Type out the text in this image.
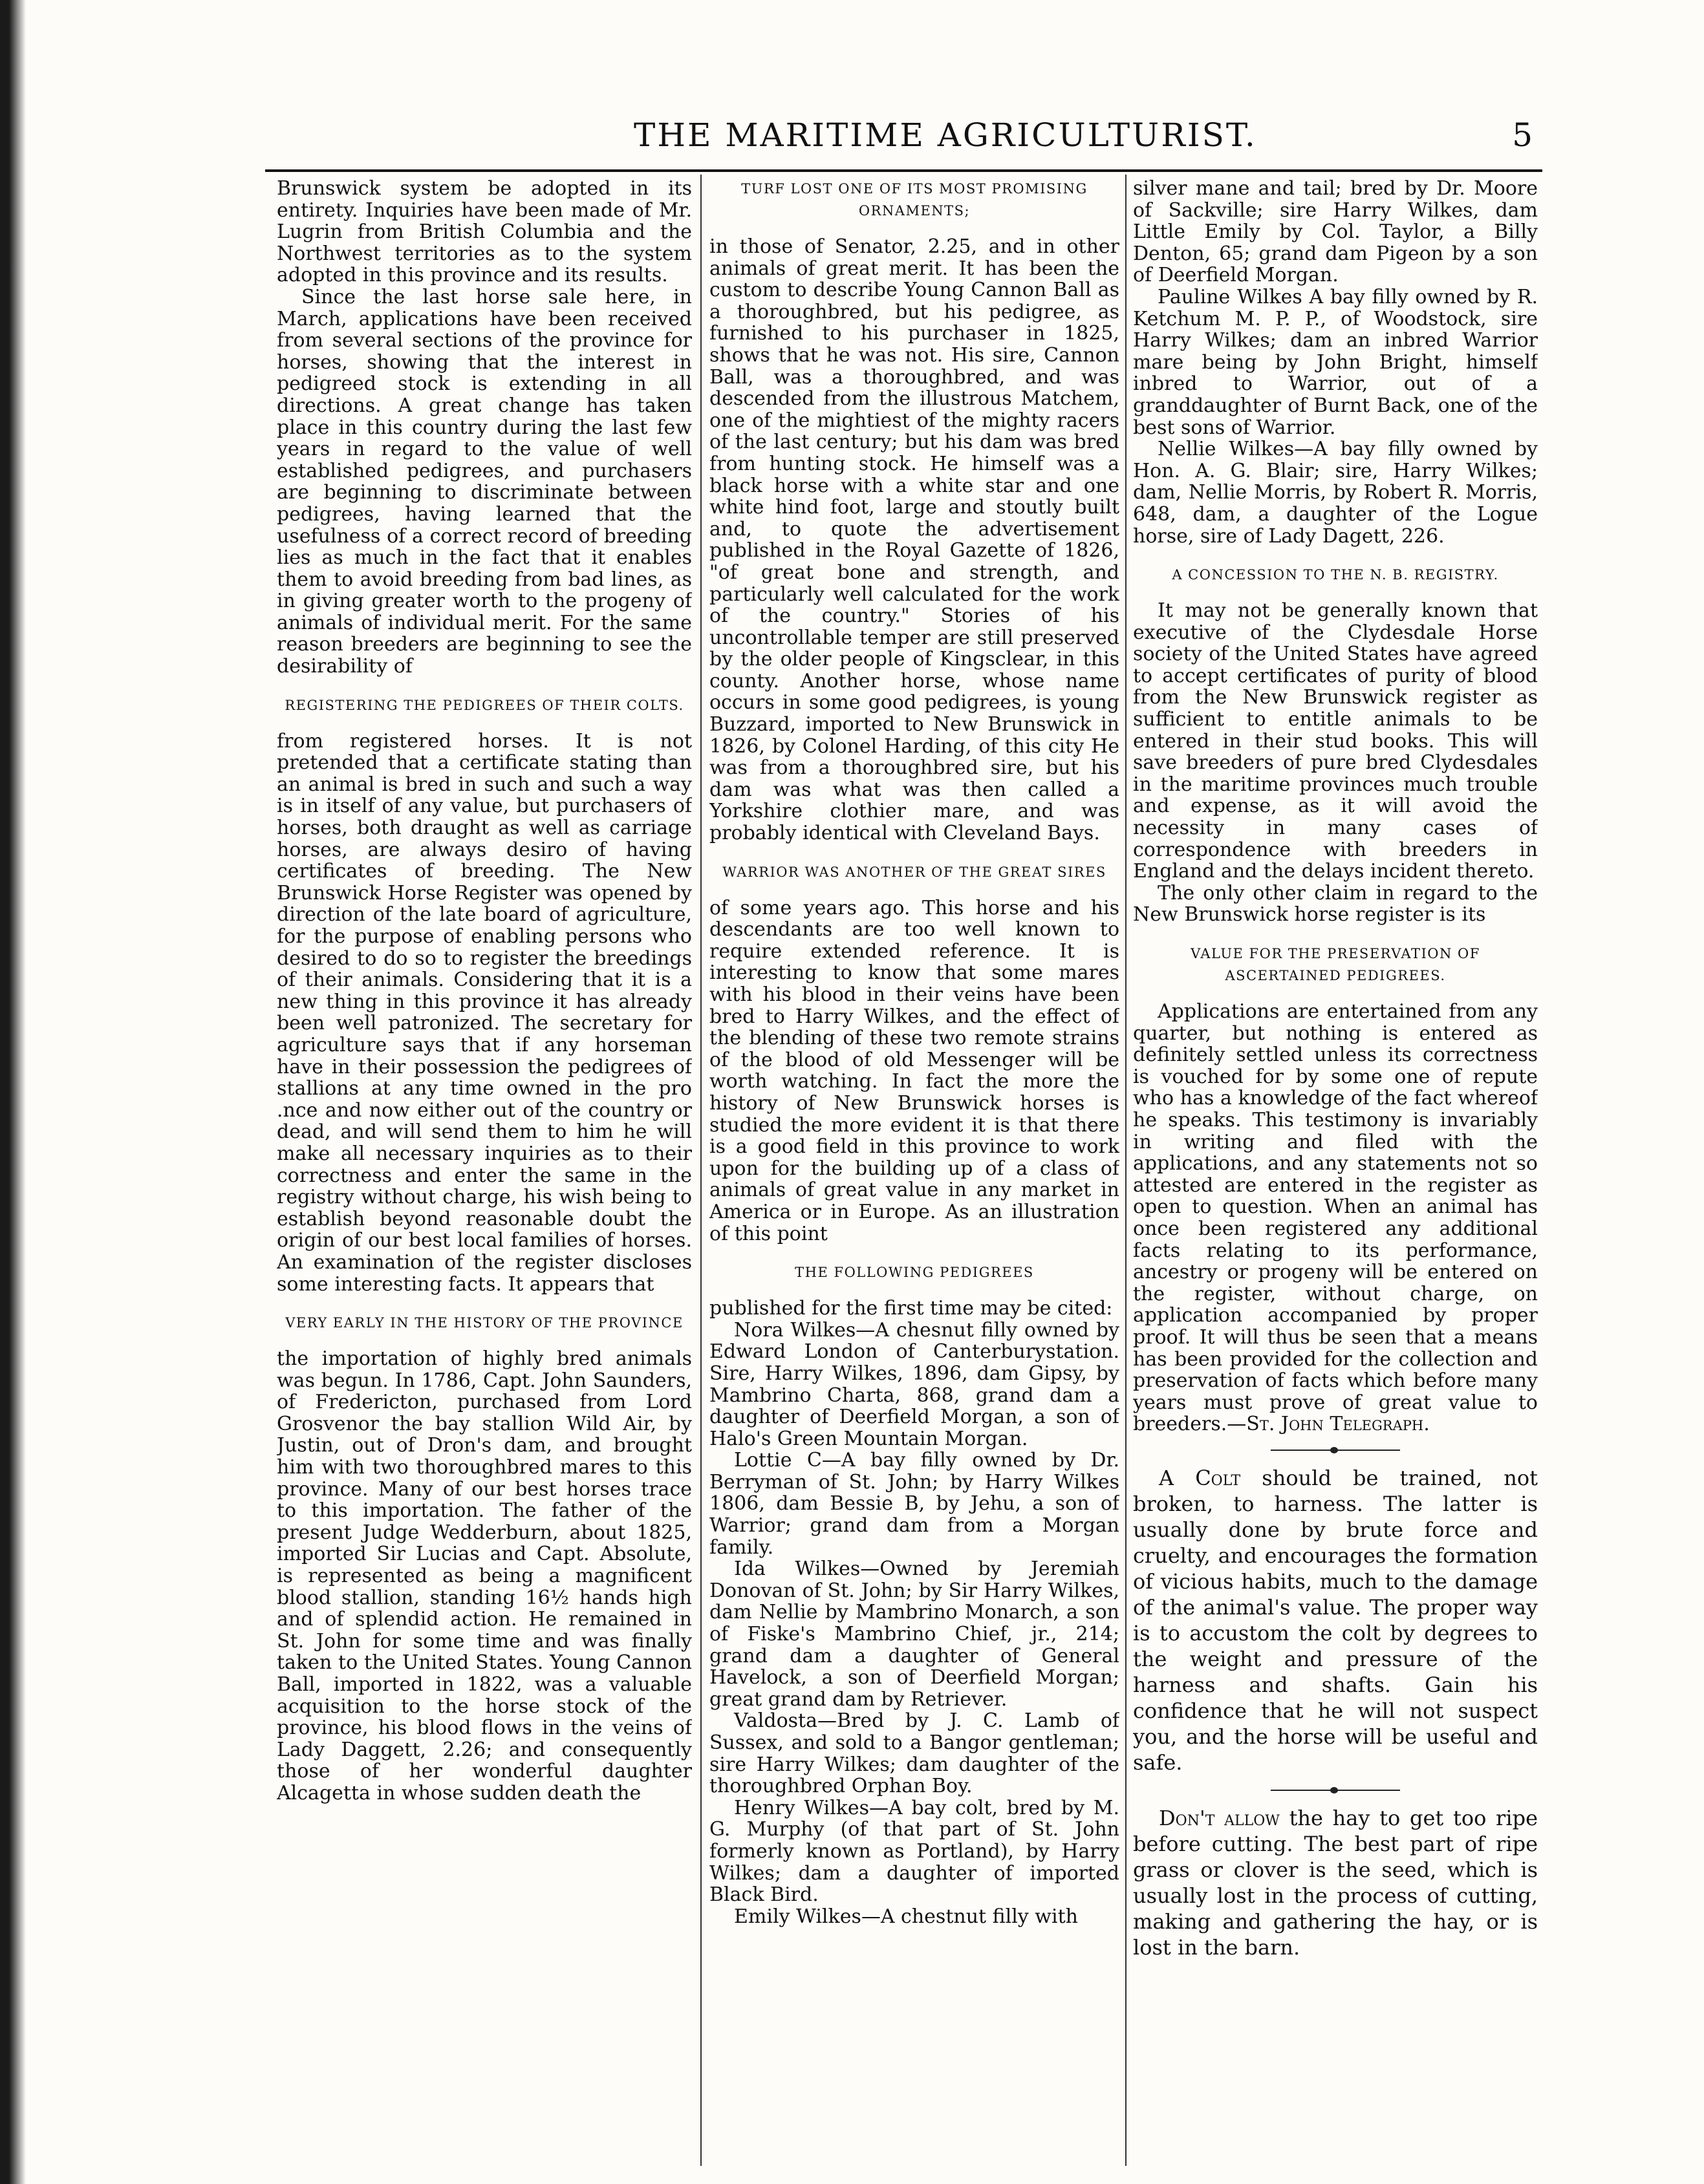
THE MARITIME AGRICULTURIST.	5

Brunswick system be adopted in its entirety. Inquiries have been made of Mr. Lugrin from British Columbia and the Northwest territories as to the system adopted in this province and its results.

Since the last horse sale here, in March, applications have been received from several sections of the province for horses, showing that the interest in pedigreed stock is extending in all directions. A great change has taken place in this country during the last few years in regard to the value of well established pedigrees, and purchasers are beginning to discriminate between pedigrees, having learned that the usefulness of a correct record of breeding lies as much in the fact that it enables them to avoid breeding from bad lines, as in giving greater worth to the progeny of animals of individual merit. For the same reason breeders are beginning to see the desirability of

REGISTERING THE PEDIGREES OF THEIR COLTS.

from registered horses. It is not pretended that a certificate stating than an animal is bred in such and such a way is in itself of any value, but purchasers of horses, both draught as well as carriage horses, are always desiro of having certificates of breeding. The New Brunswick Horse Register was opened by direction of the late board of agriculture, for the purpose of enabling persons who desired to do so to register the breedings of their animals. Considering that it is a new thing in this province it has already been well patronized. The secretary for agriculture says that if any horseman have in their possession the pedigrees of stallions at any time owned in the pro .nce and now either out of the country or dead, and will send them to him he will make all necessary inquiries as to their correctness and enter the same in the registry without charge, his wish being to establish beyond reasonable doubt the origin of our best local families of horses. An examination of the register discloses some interesting facts. It appears that

VERY EARLY IN THE HISTORY OF THE PROVINCE

the importation of highly bred animals was begun. In 1786, Capt. John Saunders, of Fredericton, purchased from Lord Grosvenor the bay stallion Wild Air, by Justin, out of Dron's dam, and brought him with two thoroughbred mares to this province. Many of our best horses trace to this importation. The father of the present Judge Wedderburn, about 1825, imported Sir Lucias and Capt. Absolute, is represented as being a magnificent blood stallion, standing 16½ hands high and of splendid action. He remained in St. John for some time and was finally taken to the United States. Young Cannon Ball, imported in 1822, was a valuable acquisition to the horse stock of the province, his blood flows in the veins of Lady Daggett, 2.26; and consequently those of her wonderful daughter Alcagetta in whose sudden death the

TURF LOST ONE OF ITS MOST PROMISING ORNAMENTS;

in those of Senator, 2.25, and in other animals of great merit. It has been the custom to describe Young Cannon Ball as a thoroughbred, but his pedigree, as furnished to his purchaser in 1825, shows that he was not. His sire, Cannon Ball, was a thoroughbred, and was descended from the illustrous Matchem, one of the mightiest of the mighty racers of the last century; but his dam was bred from hunting stock. He himself was a black horse with a white star and one white hind foot, large and stoutly built and, to quote the advertisement published in the Royal Gazette of 1826, "of great bone and strength, and particularly well calculated for the work of the country." Stories of his uncontrollable temper are still preserved by the older people of Kingsclear, in this county. Another horse, whose name occurs in some good pedigrees, is young Buzzard, imported to New Brunswick in 1826, by Colonel Harding, of this city He was from a thoroughbred sire, but his dam was what was then called a Yorkshire clothier mare, and was probably identical with Cleveland Bays.

WARRIOR WAS ANOTHER OF THE GREAT SIRES

of some years ago. This horse and his descendants are too well known to require extended reference. It is interesting to know that some mares with his blood in their veins have been bred to Harry Wilkes, and the effect of the blending of these two remote strains of the blood of old Messenger will be worth watching. In fact the more the history of New Brunswick horses is studied the more evident it is that there is a good field in this province to work upon for the building up of a class of animals of great value in any market in America or in Europe. As an illustration of this point

THE FOLLOWING PEDIGREES

published for the first time may be cited:

Nora Wilkes—A chesnut filly owned by Edward London of Canterburystation. Sire, Harry Wilkes, 1896, dam Gipsy, by Mambrino Charta, 868, grand dam a daughter of Deerfield Morgan, a son of Halo's Green Mountain Morgan.

Lottie C—A bay filly owned by Dr. Berryman of St. John; by Harry Wilkes 1806, dam Bessie B, by Jehu, a son of Warrior; grand dam from a Morgan family.

Ida Wilkes—Owned by Jeremiah Donovan of St. John; by Sir Harry Wilkes, dam Nellie by Mambrino Monarch, a son of Fiske's Mambrino Chief, jr., 214; grand dam a daughter of General Havelock, a son of Deerfield Morgan; great grand dam by Retriever.

Valdosta—Bred by J. C. Lamb of Sussex, and sold to a Bangor gentleman; sire Harry Wilkes; dam daughter of the thoroughbred Orphan Boy.

Henry Wilkes—A bay colt, bred by M. G. Murphy (of that part of St. John formerly known as Portland), by Harry Wilkes; dam a daughter of imported Black Bird.

Emily Wilkes—A chestnut filly with

silver mane and tail; bred by Dr. Moore of Sackville; sire Harry Wilkes, dam Little Emily by Col. Taylor, a Billy Denton, 65; grand dam Pigeon by a son of Deerfield Morgan.

Pauline Wilkes A bay filly owned by R. Ketchum M. P. P., of Woodstock, sire Harry Wilkes; dam an inbred Warrior mare being by John Bright, himself inbred to Warrior, out of a granddaughter of Burnt Back, one of the best sons of Warrior.

Nellie Wilkes—A bay filly owned by Hon. A. G. Blair; sire, Harry Wilkes; dam, Nellie Morris, by Robert R. Morris, 648, dam, a daughter of the Logue horse, sire of Lady Dagett, 226.

A CONCESSION TO THE N. B. REGISTRY.

It may not be generally known that executive of the Clydesdale Horse society of the United States have agreed to accept certificates of purity of blood from the New Brunswick register as sufficient to entitle animals to be entered in their stud books. This will save breeders of pure bred Clydesdales in the maritime provinces much trouble and expense, as it will avoid the necessity in many cases of correspondence with breeders in England and the delays incident thereto.

The only other claim in regard to the New Brunswick horse register is its

VALUE FOR THE PRESERVATION OF ASCERTAINED PEDIGREES.

Applications are entertained from any quarter, but nothing is entered as definitely settled unless its correctness is vouched for by some one of repute who has a knowledge of the fact whereof he speaks. This testimony is invariably in writing and filed with the applications, and any statements not so attested are entered in the register as open to question. When an animal has once been registered any additional facts relating to its performance, ancestry or progeny will be entered on the register, without charge, on application accompanied by proper proof. It will thus be seen that a means has been provided for the collection and preservation of facts which before many years must prove of great value to breeders.—St. John Telegraph.

A Colt should be trained, not broken, to harness. The latter is usually done by brute force and cruelty, and encourages the formation of vicious habits, much to the damage of the animal's value. The proper way is to accustom the colt by degrees to the weight and pressure of the harness and shafts. Gain his confidence that he will not suspect you, and the horse will be useful and safe.

Don't allow the hay to get too ripe before cutting. The best part of ripe grass or clover is the seed, which is usually lost in the process of cutting, making and gathering the hay, or is lost in the barn.
